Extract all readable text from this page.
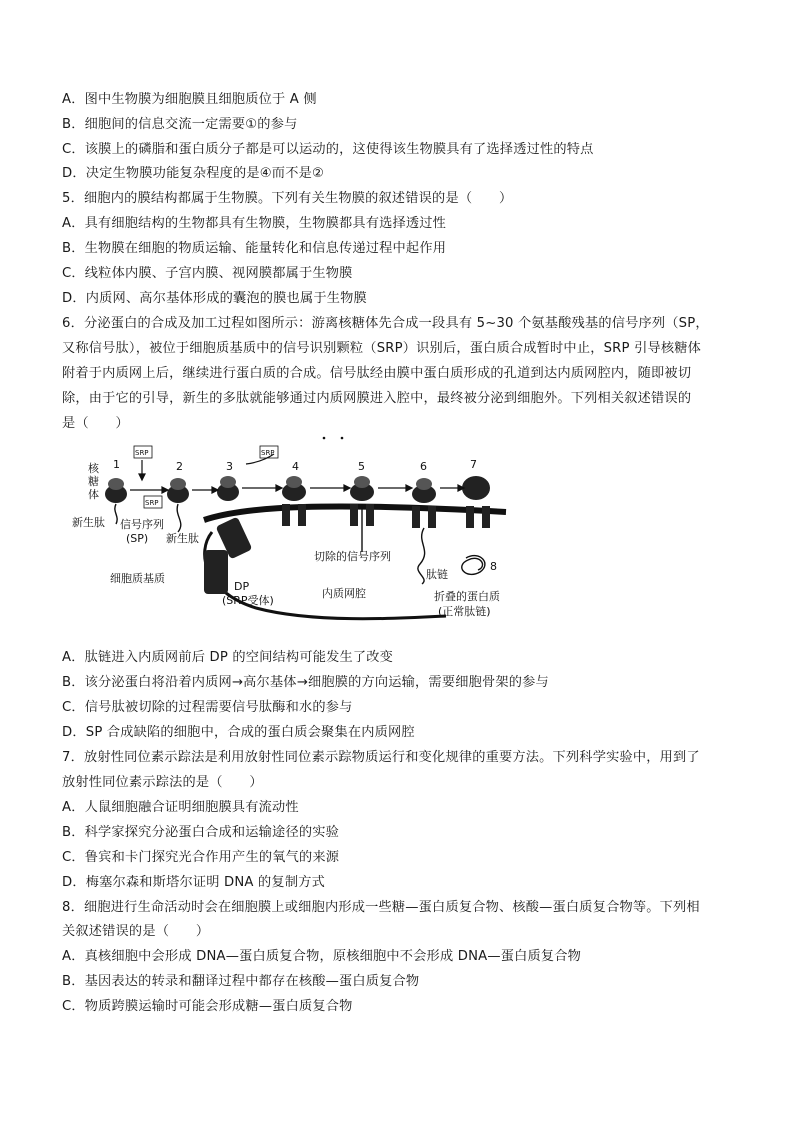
A．图中生物膜为细胞膜且细胞质位于 A 侧
B．细胞间的信息交流一定需要①的参与
C．该膜上的磷脂和蛋白质分子都是可以运动的，这使得该生物膜具有了选择透过性的特点
D．决定生物膜功能复杂程度的是④而不是②
5．细胞内的膜结构都属于生物膜。下列有关生物膜的叙述错误的是（　　）
A．具有细胞结构的生物都具有生物膜，生物膜都具有选择透过性
B．生物膜在细胞的物质运输、能量转化和信息传递过程中起作用
C．线粒体内膜、子宫内膜、视网膜都属于生物膜
D．内质网、高尔基体形成的囊泡的膜也属于生物膜
6．分泌蛋白的合成及加工过程如图所示：游离核糖体先合成一段具有 5~30 个氨基酸残基的信号序列（SP，
又称信号肽），被位于细胞质基质中的信号识别颗粒（SRP）识别后，蛋白质合成暂时中止，SRP 引导核糖体
附着于内质网上后，继续进行蛋白质的合成。信号肽经由膜中蛋白质形成的孔道到达内质网腔内，随即被切
除，由于它的引导，新生的多肽就能够通过内质网膜进入腔中，最终被分泌到细胞外。下列相关叙述错误的
是（　　）
1	2	3	4	5	6	7
8
SRP
SRP
SRP
核
糖
体
新生肽 信号序列
(SP) 新生肽
细胞质基质
DP
(SRP受体)
切除的信号序列
肽链
内质网腔	折叠的蛋白质
(正常肽链)
A．肽链进入内质网前后 DP 的空间结构可能发生了改变
B．该分泌蛋白将沿着内质网→高尔基体→细胞膜的方向运输，需要细胞骨架的参与
C．信号肽被切除的过程需要信号肽酶和水的参与
D．SP 合成缺陷的细胞中，合成的蛋白质会聚集在内质网腔
7．放射性同位素示踪法是利用放射性同位素示踪物质运行和变化规律的重要方法。下列科学实验中，用到了
放射性同位素示踪法的是（　　）
A．人鼠细胞融合证明细胞膜具有流动性
B．科学家探究分泌蛋白合成和运输途径的实验
C．鲁宾和卡门探究光合作用产生的氧气的来源
D．梅塞尔森和斯塔尔证明 DNA 的复制方式
8．细胞进行生命活动时会在细胞膜上或细胞内形成一些糖—蛋白质复合物、核酸—蛋白质复合物等。下列相
关叙述错误的是（　　）
A．真核细胞中会形成 DNA—蛋白质复合物，原核细胞中不会形成 DNA—蛋白质复合物
B．基因表达的转录和翻译过程中都存在核酸—蛋白质复合物
C．物质跨膜运输时可能会形成糖—蛋白质复合物
